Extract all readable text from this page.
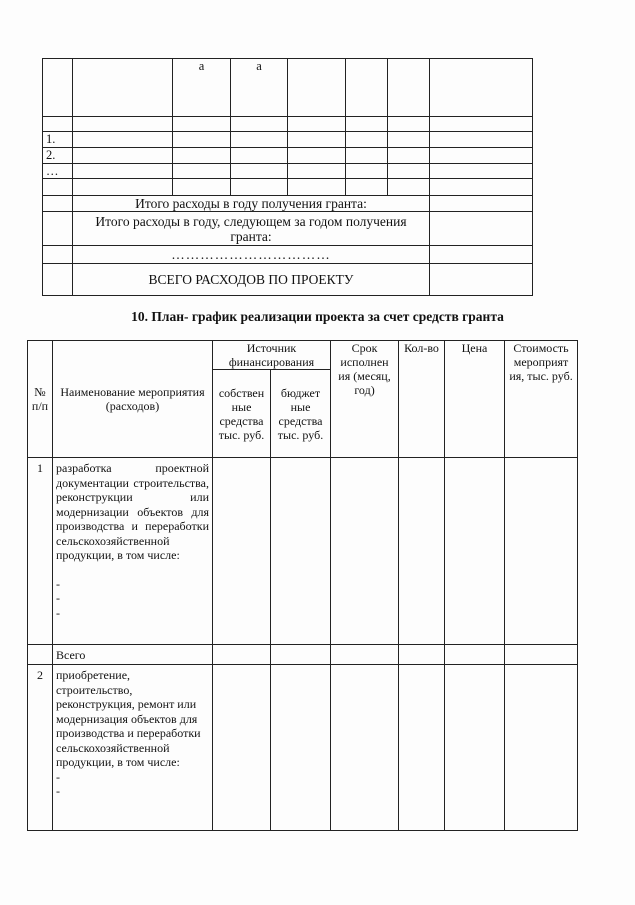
		а	а				

1.							
2.							
…							

	Итого расходы в году получения гранта:						
	Итого расходы в году, следующем за годом получения гранта:						
	……………………………						
	ВСЕГО РАСХОДОВ ПО ПРОЕКТУ						
10. План- график реализации проекта за счет средств гранта
№ п/п	Наименование мероприятия (расходов)	Источник финансирования		Срок исполнен ия (месяц, год)	Кол-во	Цена	Стоимость мероприят ия, тыс. руб.
		собствен ные средства тыс. руб.	бюджет ные средства тыс. руб.				
1	разработка проектной документации строительства, реконструкции или модернизации объектов для производства и переработки сельскохозяйственной продукции, в том числе:
-
-
-						

	Всего						
2	приобретение, строительство, реконструкция, ремонт или модернизация объектов для производства и переработки сельскохозяйственной продукции, в том числе:
-
-						
